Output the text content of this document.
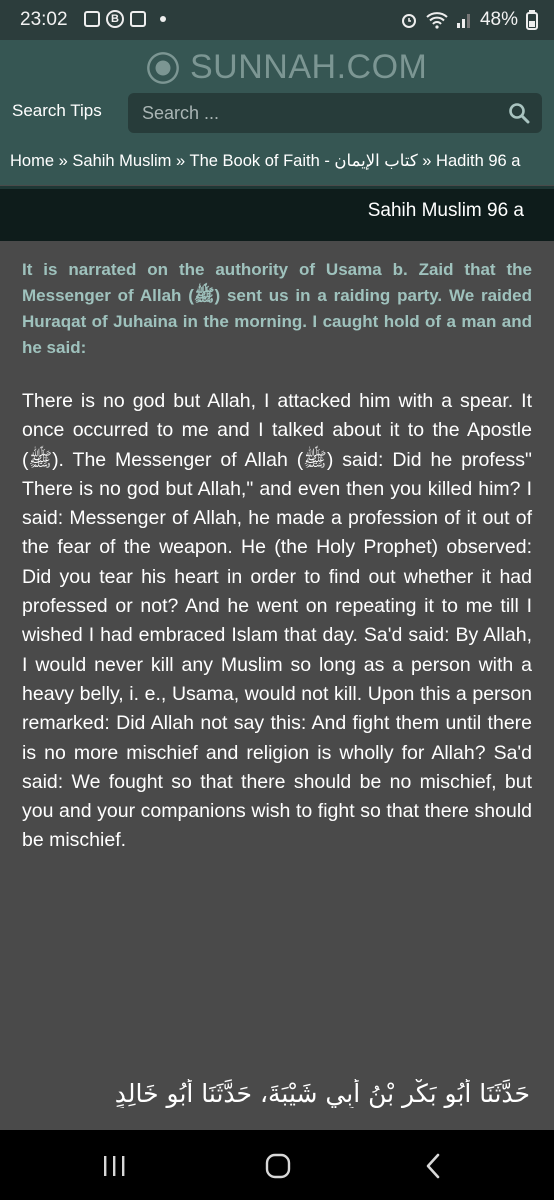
23:02	B	48%
SUNNAH.COM
Search Tips
Search ...
Home » Sahih Muslim » The Book of Faith - كتاب الإيمان » Hadith 96 a
Sahih Muslim 96 a
It is narrated on the authority of Usama b. Zaid that the Messenger of Allah (ﷺ) sent us in a raiding party. We raided Huraqat of Juhaina in the morning. I caught hold of a man and he said:
There is no god but Allah, I attacked him with a spear. It once occurred to me and I talked about it to the Apostle (ﷺ). The Messenger of Allah (ﷺ) said: Did he profess" There is no god but Allah," and even then you killed him? I said: Messenger of Allah, he made a profession of it out of the fear of the weapon. He (the Holy Prophet) observed: Did you tear his heart in order to find out whether it had professed or not? And he went on repeating it to me till I wished I had embraced Islam that day. Sa'd said: By Allah, I would never kill any Muslim so long as a person with a heavy belly, i. e., Usama, would not kill. Upon this a person remarked: Did Allah not say this: And fight them until there is no more mischief and religion is wholly for Allah? Sa'd said: We fought so that there should be no mischief, but you and your companions wish to fight so that there should be mischief.
حَدَّثَنَا أَبُو بَكْرِ بْنُ أَبِي شَيْبَةَ، حَدَّثَنَا أَبُو خَالِدٍ
